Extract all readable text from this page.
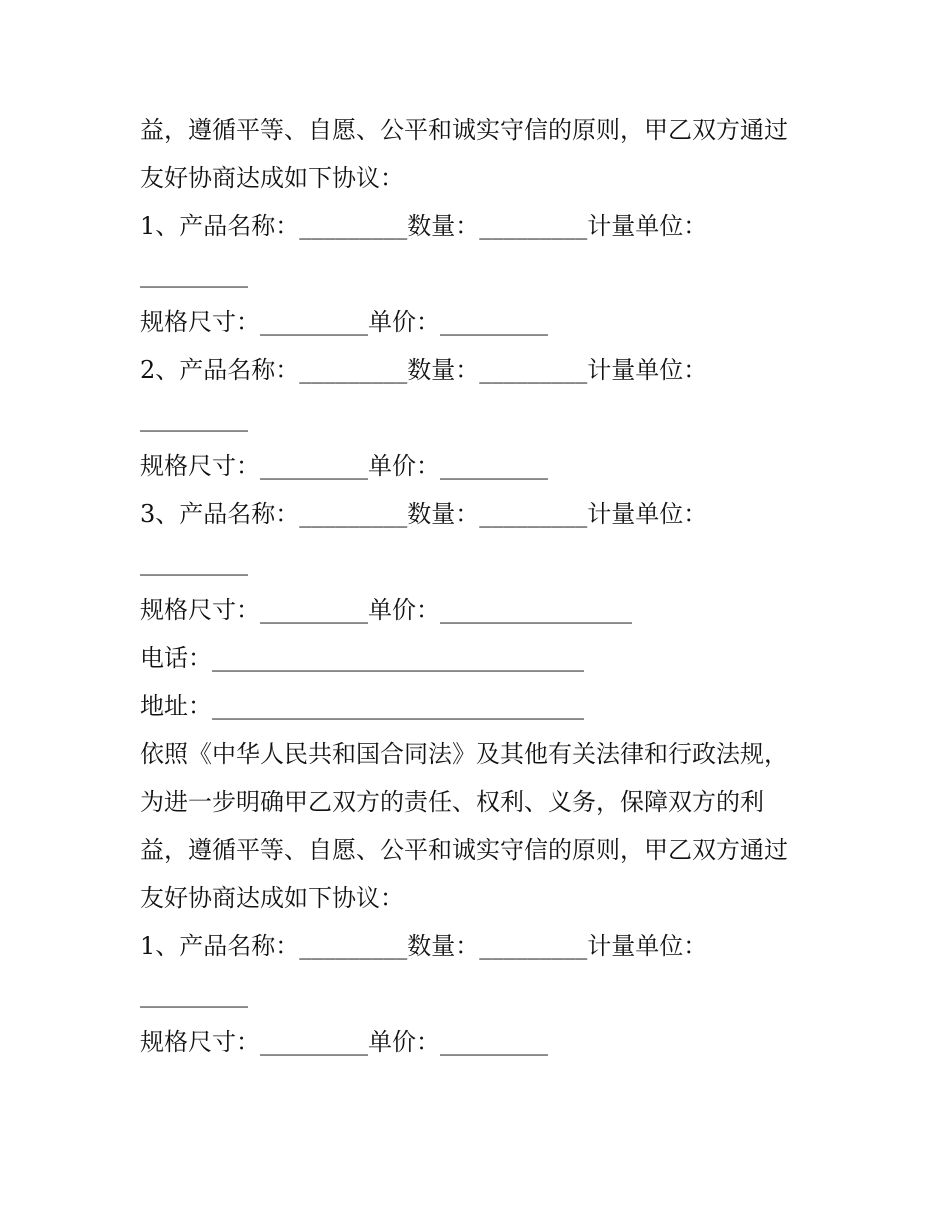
益，遵循平等、自愿、公平和诚实守信的原则，甲乙双方通过
友好协商达成如下协议：
1、产品名称：_________数量：_________计量单位：
_________
规格尺寸：_________单价：_________
2、产品名称：_________数量：_________计量单位：
_________
规格尺寸：_________单价：_________
3、产品名称：_________数量：_________计量单位：
_________
规格尺寸：_________单价：________________
电话：_______________________________
地址：_______________________________
依照《中华人民共和国合同法》及其他有关法律和行政法规，
为进一步明确甲乙双方的责任、权利、义务，保障双方的利
益，遵循平等、自愿、公平和诚实守信的原则，甲乙双方通过
友好协商达成如下协议：
1、产品名称：_________数量：_________计量单位：
_________
规格尺寸：_________单价：_________
